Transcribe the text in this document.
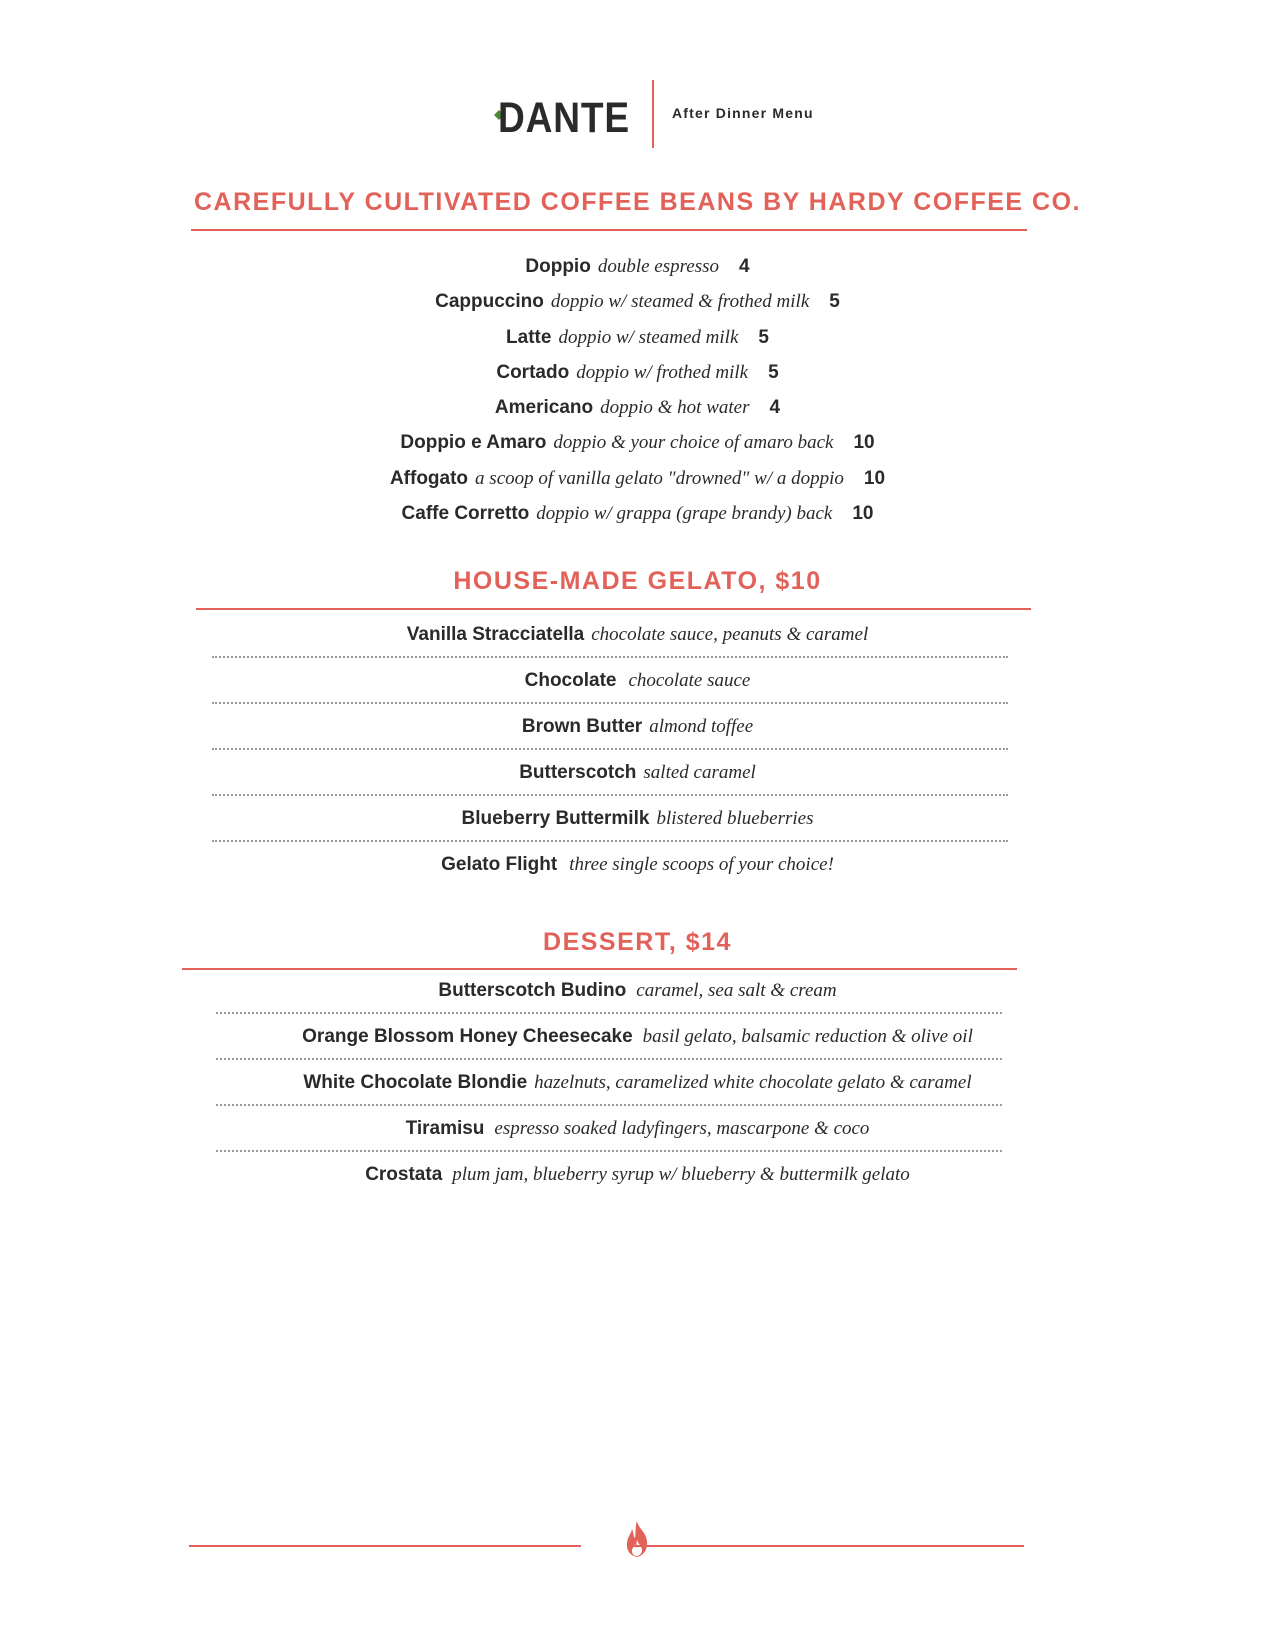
DANTE	After Dinner Menu
CAREFULLY CULTIVATED COFFEE BEANS BY HARDY COFFEE CO.
Doppio double espresso 4
Cappuccino doppio w/ steamed & frothed milk 5
Latte doppio w/ steamed milk 5
Cortado doppio w/ frothed milk 5
Americano doppio & hot water 4
Doppio e Amaro doppio & your choice of amaro back 10
Affogato a scoop of vanilla gelato "drowned" w/ a doppio 10
Caffe Corretto doppio w/ grappa (grape brandy) back 10
HOUSE-MADE GELATO, $10
Vanilla Stracciatella chocolate sauce, peanuts & caramel
Chocolate chocolate sauce
Brown Butter almond toffee
Butterscotch salted caramel
Blueberry Buttermilk blistered blueberries
Gelato Flight three single scoops of your choice!
DESSERT, $14
Butterscotch Budino caramel, sea salt & cream
Orange Blossom Honey Cheesecake basil gelato, balsamic reduction & olive oil
White Chocolate Blondie hazelnuts, caramelized white chocolate gelato & caramel
Tiramisu espresso soaked ladyfingers, mascarpone & coco
Crostata plum jam, blueberry syrup w/ blueberry & buttermilk gelato
